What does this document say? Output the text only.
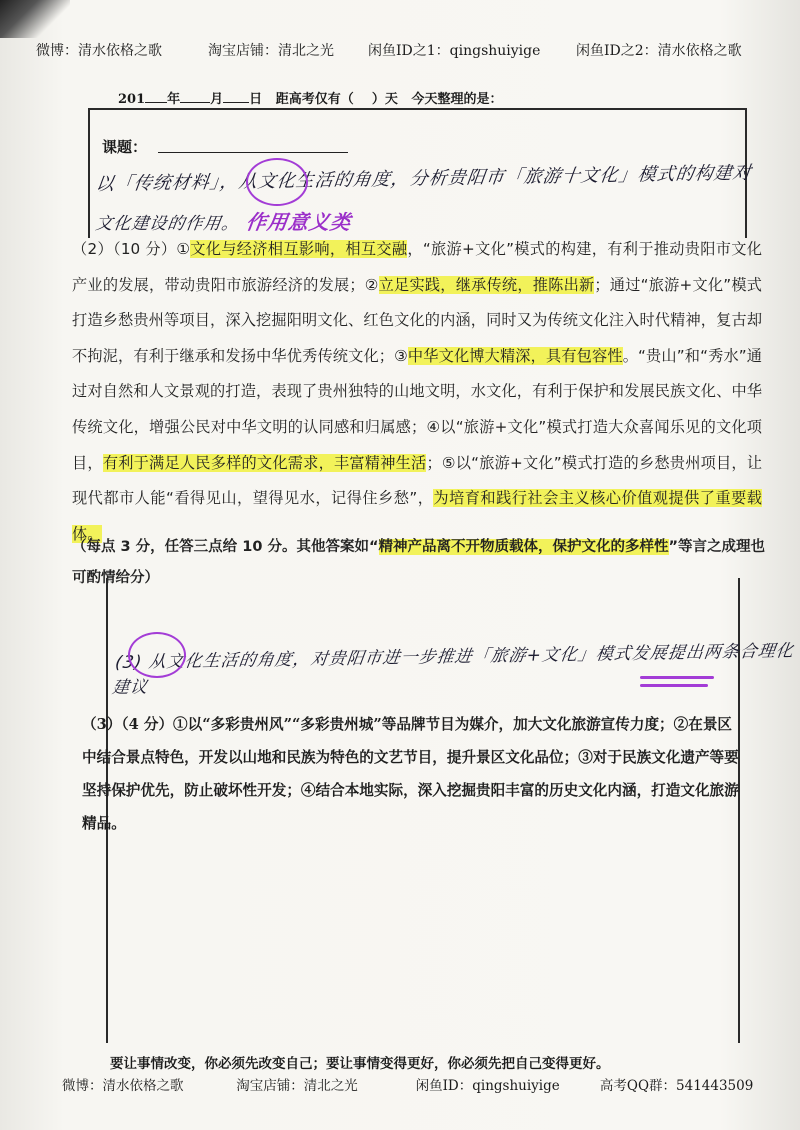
微博：清水依格之歌	淘宝店铺：清北之光	闲鱼ID之1：qingshuiyige	闲鱼ID之2：清水依格之歌
201 年 月 日 距高考仅有（ ）天 今天整理的是：
课题：
以「传统材料」，从文化生活的角度，分析贵阳市「旅游十文化」模式的构建对
文化建设的作用。 作用意义类
（2）（10 分）①文化与经济相互影响，相互交融，“旅游+文化”模式的构建，有利于推动贵阳市文化产业的发展，带动贵阳市旅游经济的发展；②立足实践，继承传统，推陈出新；通过“旅游+文化”模式打造乡愁贵州等项目，深入挖掘阳明文化、红色文化的内涵，同时又为传统文化注入时代精神，复古却不拘泥，有利于继承和发扬中华优秀传统文化；③中华文化博大精深，具有包容性。“贵山”和“秀水”通过对自然和人文景观的打造，表现了贵州独特的山地文明，水文化，有利于保护和发展民族文化、中华传统文化，增强公民对中华文明的认同感和归属感；④以“旅游+文化”模式打造大众喜闻乐见的文化项目，有利于满足人民多样的文化需求，丰富精神生活；⑤以“旅游+文化”模式打造的乡愁贵州项目，让现代都市人能“看得见山，望得见水，记得住乡愁”，为培育和践行社会主义核心价值观提供了重要载体。
（每点 3 分，任答三点给 10 分。其他答案如“精神产品离不开物质载体，保护文化的多样性”等言之成理也可酌情给分）
(3) 从文化生活的角度，对贵阳市进一步推进「旅游+文化」模式发展提出两条合理化建议
（3）（4 分）①以“多彩贵州风”“多彩贵州城”等品牌节目为媒介，加大文化旅游宣传力度；②在景区中结合景点特色，开发以山地和民族为特色的文艺节目，提升景区文化品位；③对于民族文化遗产等要坚持保护优先，防止破坏性开发；④结合本地实际，深入挖掘贵阳丰富的历史文化内涵，打造文化旅游精品。
要让事情改变，你必须先改变自己；要让事情变得更好，你必须先把自己变得更好。
微博：清水依格之歌	淘宝店铺：清北之光	闲鱼ID：qingshuiyige	高考QQ群：541443509
